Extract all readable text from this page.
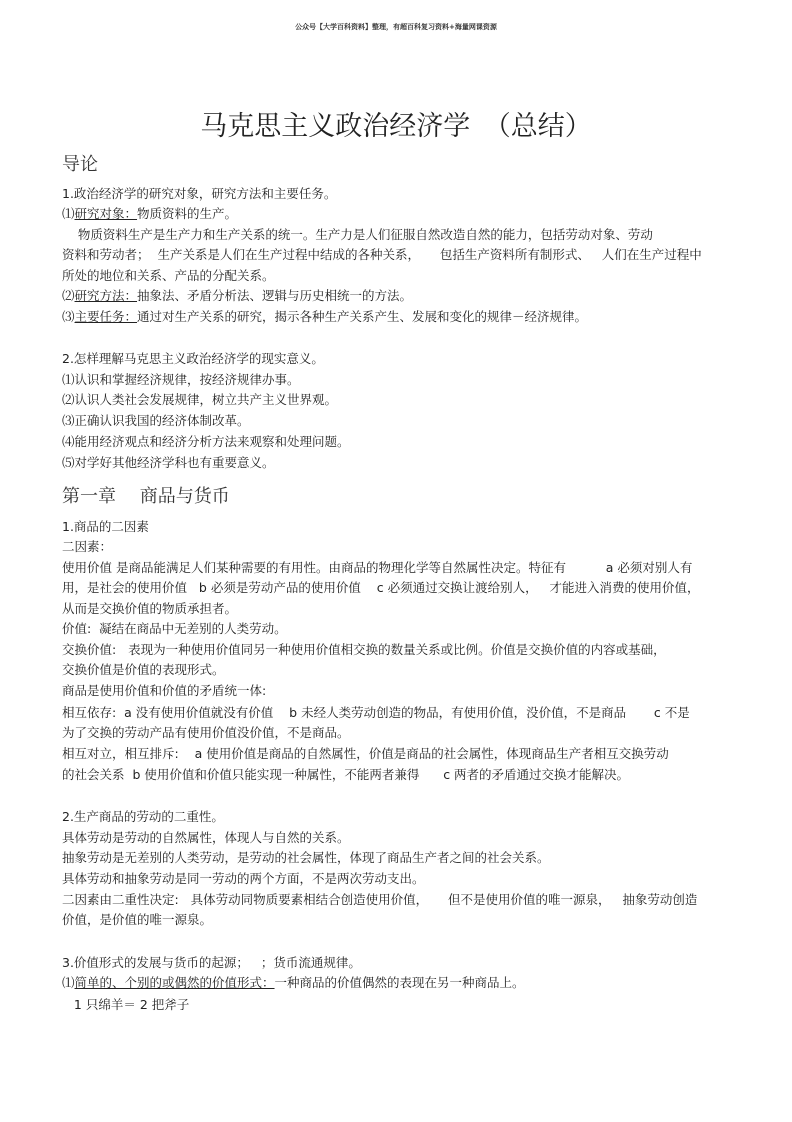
公众号【大学百科资料】整理，有超百科复习资料+海量网课资源
马克思主义政治经济学　（总结）
导论
1.政治经济学的研究对象，研究方法和主要任务。
⑴研究对象：物质资料的生产。
物质资料生产是生产力和生产关系的统一。生产力是人们征服自然改造自然的能力，包括劳动对象、劳动
资料和劳动者；  生产关系是人们在生产过程中结成的各种关系，     包括生产资料所有制形式、   人们在生产过程中
所处的地位和关系、产品的分配关系。
⑵研究方法：抽象法、矛盾分析法、逻辑与历史相统一的方法。
⑶主要任务：通过对生产关系的研究，揭示各种生产关系产生、发展和变化的规律－经济规律。
2.怎样理解马克思主义政治经济学的现实意义。
⑴认识和掌握经济规律，按经济规律办事。
⑵认识人类社会发展规律，树立共产主义世界观。
⑶正确认识我国的经济体制改革。
⑷能用经济观点和经济分析方法来观察和处理问题。
⑸对学好其他经济学科也有重要意义。
第一章　 商品与货币
1.商品的二因素
二因素：
使用价值 是商品能满足人们某种需要的有用性。由商品的物理化学等自然属性决定。特征有          a 必须对别人有
用，是社会的使用价值   b 必须是劳动产品的使用价值    c 必须通过交换让渡给别人，   才能进入消费的使用价值，
从而是交换价值的物质承担者。
价值:  凝结在商品中无差别的人类劳动。
交换价值:   表现为一种使用价值同另一种使用价值相交换的数量关系或比例。价值是交换价值的内容或基础，
交换价值是价值的表现形式。
商品是使用价值和价值的矛盾统一体:
相互依存:  a 没有使用价值就没有价值    b 未经人类劳动创造的物品，有使用价值，没价值，不是商品       c 不是
为了交换的劳动产品有使用价值没价值，不是商品。
相互对立，相互排斥:    a 使用价值是商品的自然属性，价值是商品的社会属性，体现商品生产者相互交换劳动
的社会关系  b 使用价值和价值只能实现一种属性，不能两者兼得      c 两者的矛盾通过交换才能解决。
2.生产商品的劳动的二重性。
具体劳动是劳动的自然属性，体现人与自然的关系。
抽象劳动是无差别的人类劳动，是劳动的社会属性，体现了商品生产者之间的社会关系。
具体劳动和抽象劳动是同一劳动的两个方面，不是两次劳动支出。
二因素由二重性决定:   具体劳动同物质要素相结合创造使用价值，     但不是使用价值的唯一源泉，   抽象劳动创造
价值，是价值的唯一源泉。
3.价值形式的发展与货币的起源；   ；货币流通规律。
⑴简单的、个别的或偶然的价值形式：一种商品的价值偶然的表现在另一种商品上。
1 只绵羊＝ 2 把斧子
